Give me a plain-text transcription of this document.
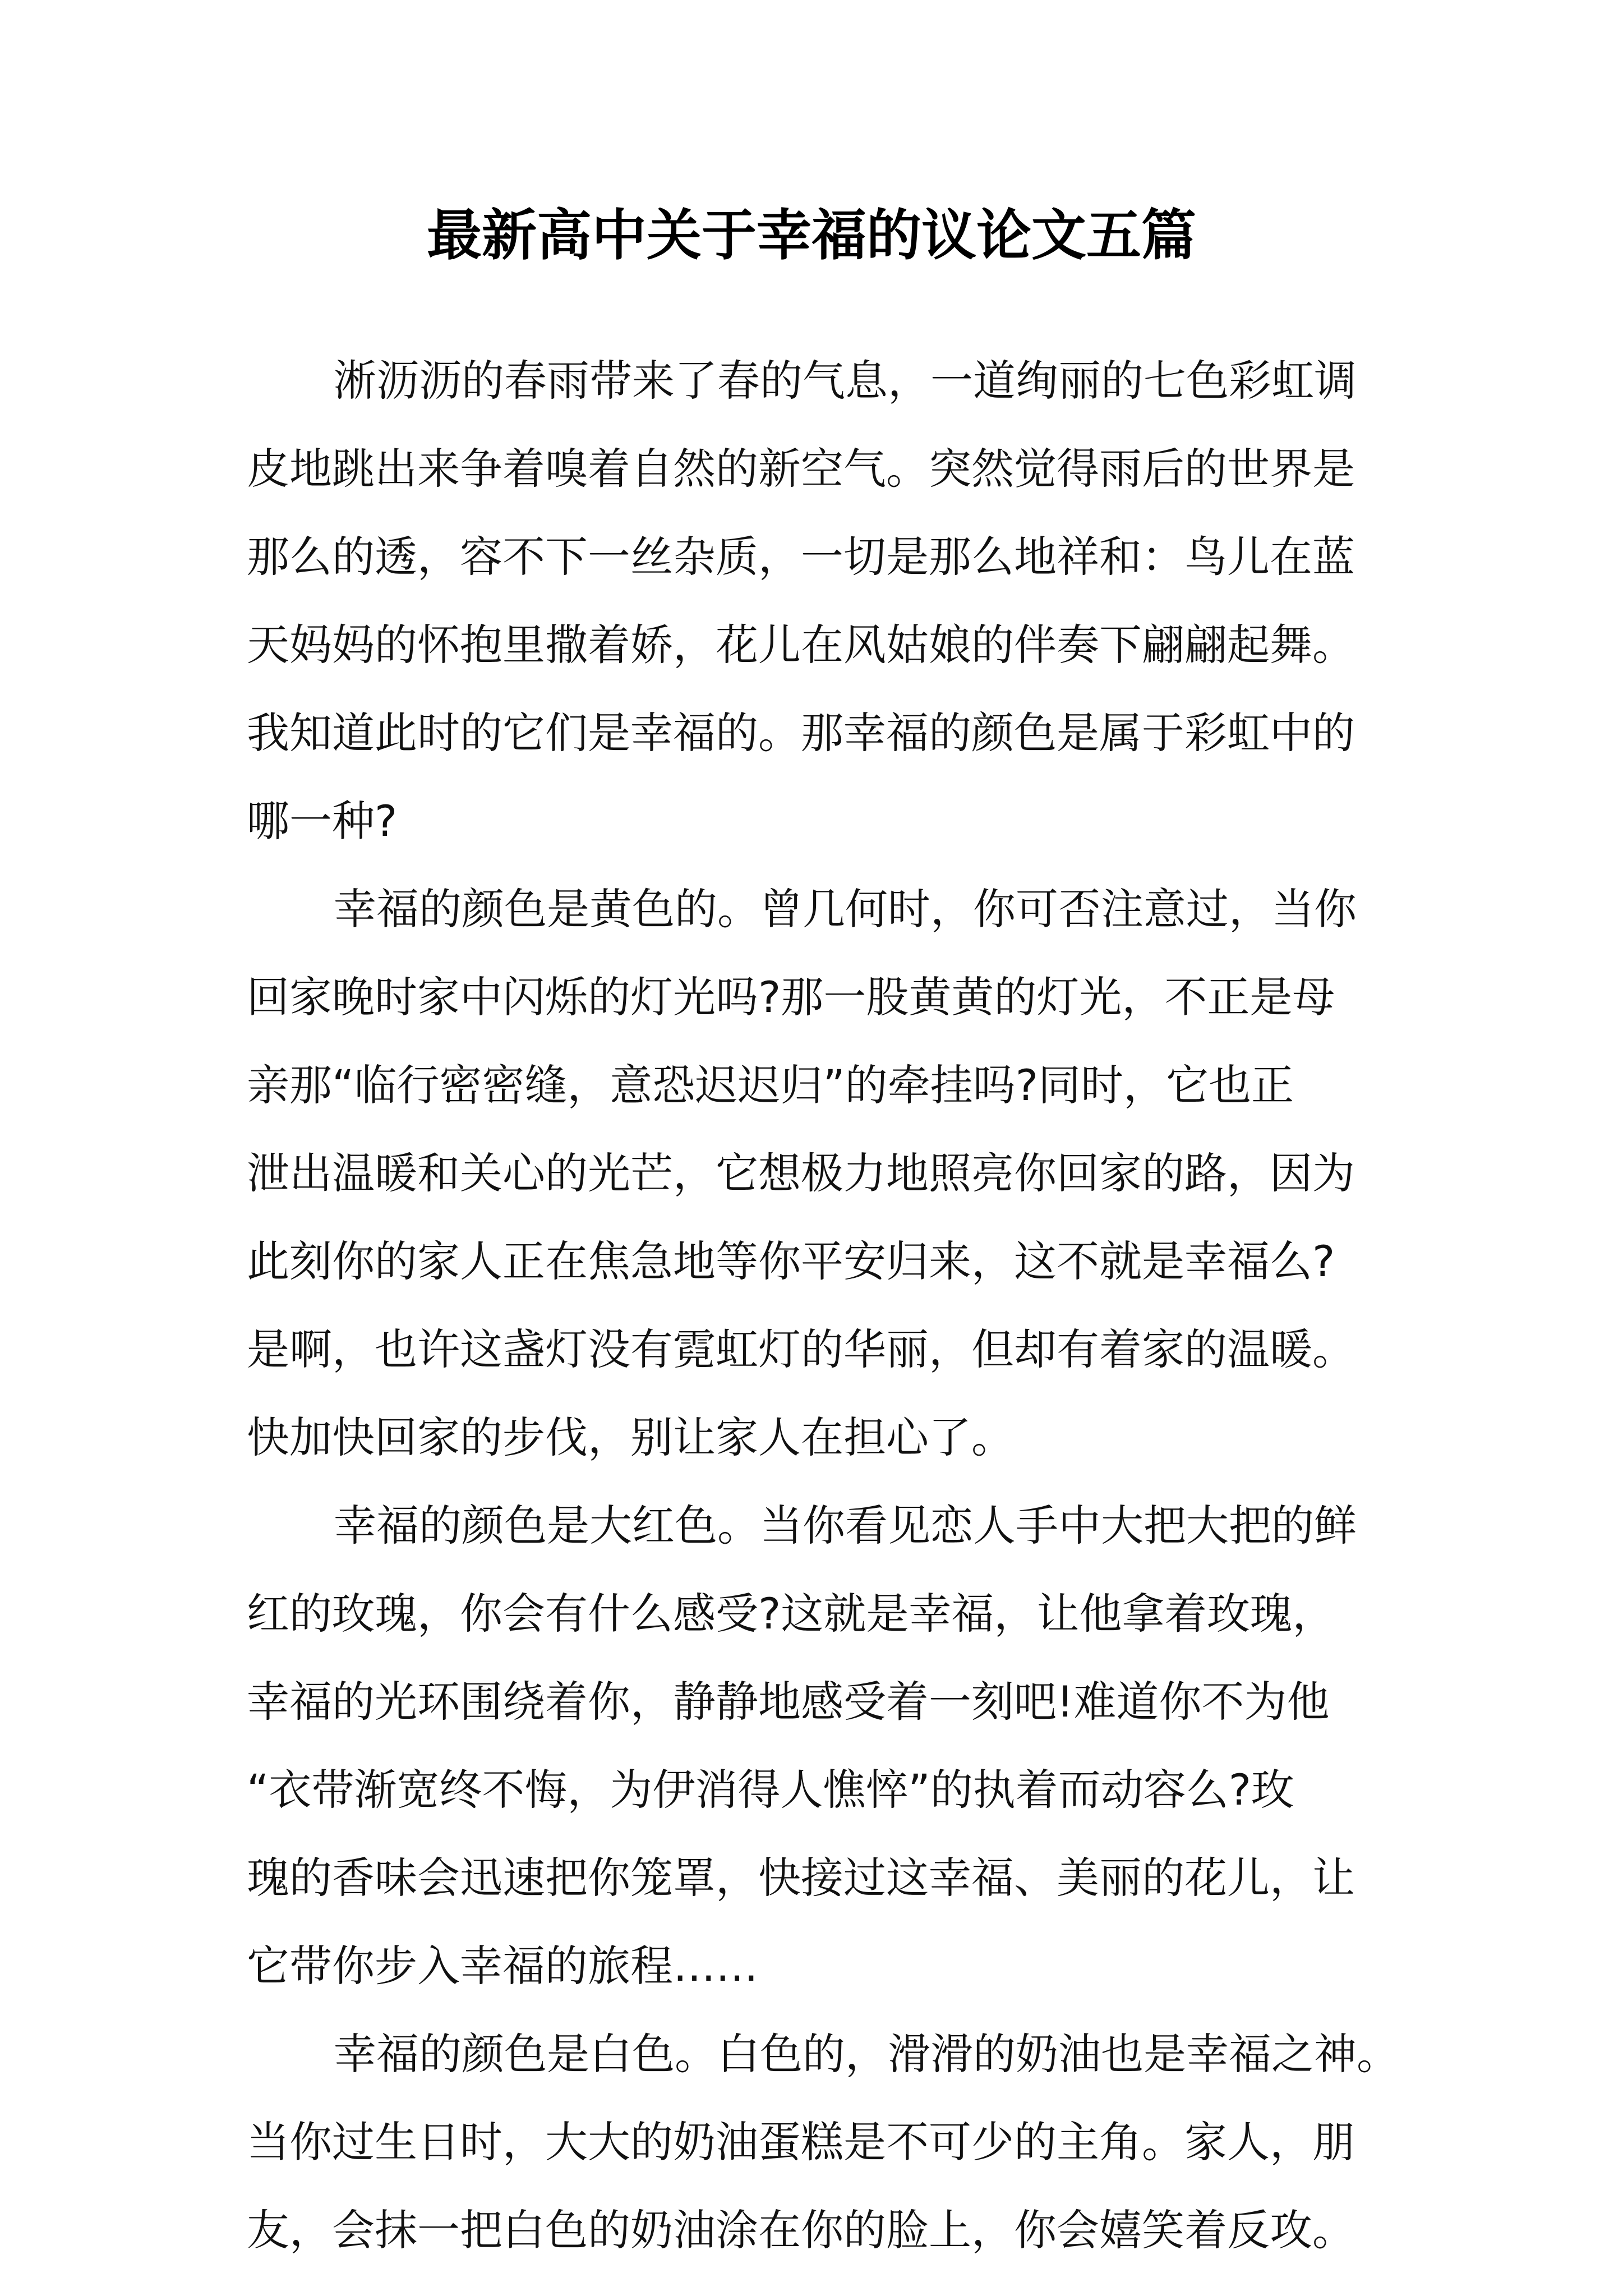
最新高中关于幸福的议论文五篇

淅沥沥的春雨带来了春的气息，一道绚丽的七色彩虹调
皮地跳出来争着嗅着自然的新空气。突然觉得雨后的世界是
那么的透，容不下一丝杂质，一切是那么地祥和：鸟儿在蓝
天妈妈的怀抱里撒着娇，花儿在风姑娘的伴奏下翩翩起舞。
我知道此时的它们是幸福的。那幸福的颜色是属于彩虹中的
哪一种?

幸福的颜色是黄色的。曾几何时，你可否注意过，当你
回家晚时家中闪烁的灯光吗?那一股黄黄的灯光，不正是母
亲那“临行密密缝，意恐迟迟归”的牵挂吗?同时，它也正
泄出温暖和关心的光芒，它想极力地照亮你回家的路，因为
此刻你的家人正在焦急地等你平安归来，这不就是幸福么?
是啊，也许这盏灯没有霓虹灯的华丽，但却有着家的温暖。
快加快回家的步伐，别让家人在担心了。

幸福的颜色是大红色。当你看见恋人手中大把大把的鲜
红的玫瑰，你会有什么感受?这就是幸福，让他拿着玫瑰，
幸福的光环围绕着你，静静地感受着一刻吧!难道你不为他
“衣带渐宽终不悔，为伊消得人憔悴”的执着而动容么?玫
瑰的香味会迅速把你笼罩，快接过这幸福、美丽的花儿，让
它带你步入幸福的旅程……

幸福的颜色是白色。白色的，滑滑的奶油也是幸福之神。
当你过生日时，大大的奶油蛋糕是不可少的主角。家人，朋
友，会抹一把白色的奶油涂在你的脸上，你会嬉笑着反攻。
